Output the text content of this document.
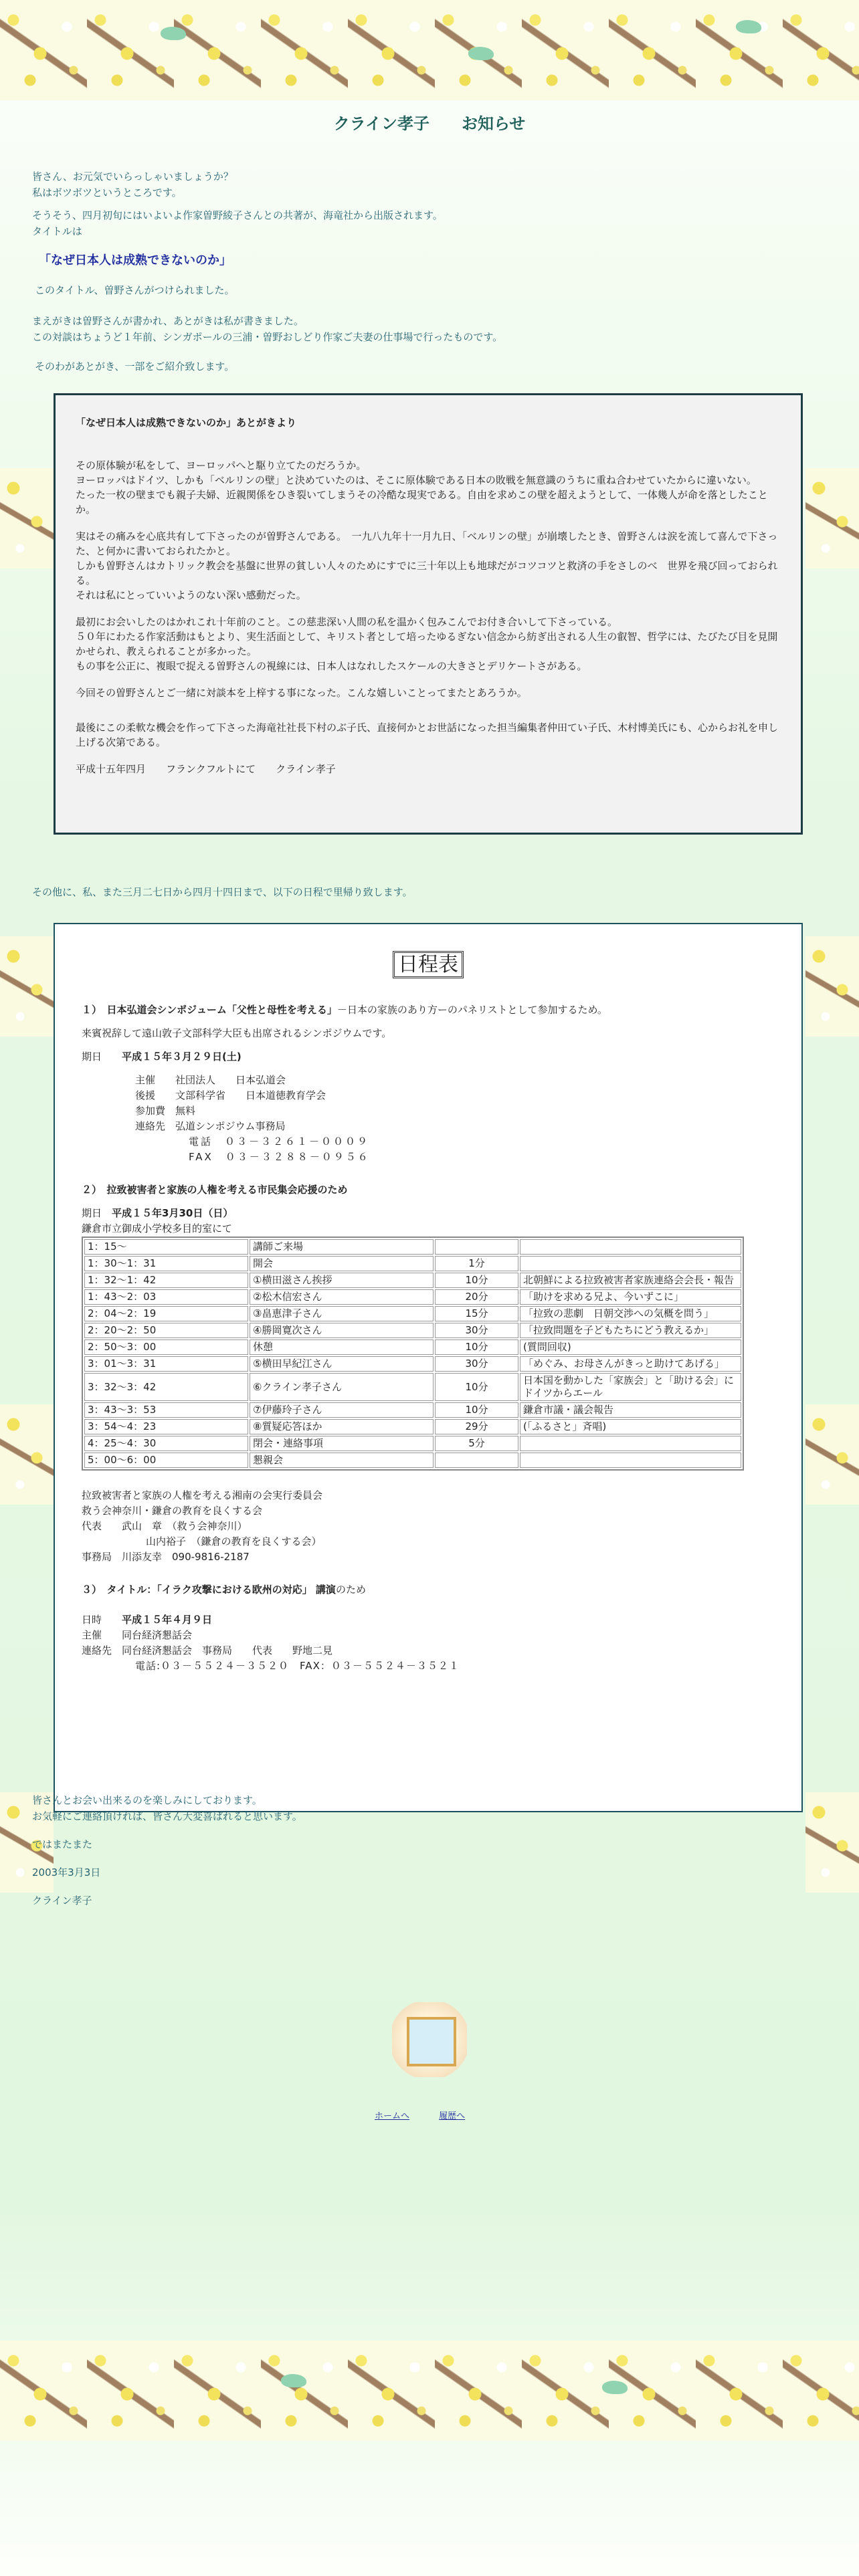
クライン孝子　　お知らせ

皆さん、お元気でいらっしゃいましょうか？
私はボツボツというところです。

そうそう、四月初旬にはいよいよ作家曽野綾子さんとの共著が、海竜社から出版されます。
タイトルは

「なぜ日本人は成熟できないのか」

このタイトル、曽野さんがつけられました。

まえがきは曽野さんが書かれ、あとがきは私が書きました。
この対談はちょうど１年前、シンガポールの三浦・曽野おしどり作家ご夫妻の仕事場で行ったものです。

そのわがあとがき、一部をご紹介致します。

「なぜ日本人は成熟できないのか」あとがきより

その原体験が私をして、ヨーロッパへと駆り立てたのだろうか。
ヨーロッパはドイツ、しかも「ベルリンの壁」と決めていたのは、そこに原体験である日本の敗戦を無意識のうちに重ね合わせていたからに違いない。
たった一枚の壁までも親子夫婦、近親関係をひき裂いてしまうその冷酷な現実である。自由を求めこの壁を超えようとして、一体幾人が命を落としたことか。

実はその痛みを心底共有して下さったのが曽野さんである。　一九八九年十一月九日、「ベルリンの壁」が崩壊したとき、曽野さんは涙を流して喜んで下さった、と何かに書いておられたかと。
しかも曽野さんはカトリック教会を基盤に世界の貧しい人々のためにすでに三十年以上も地球だがコツコツと救済の手をさしのべ　世界を飛び回っておられる。
それは私にとっていいようのない深い感動だった。

最初にお会いしたのはかれこれ十年前のこと。この慈悲深い人間の私を温かく包みこんでお付き合いして下さっている。
５０年にわたる作家活動はもとより、実生活面として、キリスト者として培ったゆるぎない信念から紡ぎ出される人生の叡智、哲学には、たびたび目を見開かせられ、教えられることが多かった。
もの事を公正に、複眼で捉える曽野さんの視線には、日本人はなれしたスケールの大きさとデリケートさがある。

今回その曽野さんとご一緒に対談本を上梓する事になった。こんな嬉しいことってまたとあろうか。

最後にこの柔軟な機会を作って下さった海竜社社長下村のぶ子氏、直接何かとお世話になった担当編集者仲田てい子氏、木村博美氏にも、心からお礼を申し上げる次第である。

平成十五年四月　　フランクフルトにて　　クライン孝子

その他に、私、また三月二七日から四月十四日まで、以下の日程で里帰り致します。
日程表
１）　日本弘道会シンポジューム「父性と母性を考える」－日本の家族のあり方ーのパネリストとして参加するため。
来賓祝辞して遠山敦子文部科学大臣も出席されるシンポジウムです。
期日　　 平成１５年３月２９日(土)
主催　　社団法人　　日本弘道会
後援　　文部科学省　　日本道徳教育学会
参加費　無料
連絡先　弘道シンポジウム事務局
電話　０３－３２６１－０００９
FAX　０３－３２８８－０９５６
２）　拉致被害者と家族の人権を考える市民集会応援のため
期日　 平成１５年3月30日（日）
鎌倉市立御成小学校多目的室にて
1：15～	講師ご来場		
1：30～1：31	開会	1分	
1：32～1：42	①横田滋さん挨拶	10分	北朝鮮による拉致被害者家族連絡会会長・報告
1：43～2：03	②松木信宏さん	20分	「助けを求める兄よ、今いずこに」
2：04～2：19	③畠恵津子さん	15分	「拉致の悲劇　日朝交渉への気概を問う」
2：20～2：50	④勝岡寛次さん	30分	「拉致問題を子どもたちにどう教えるか」
2：50～3：00	休憩	10分	(質問回収)
3：01～3：31	⑤横田早紀江さん	30分	「めぐみ、お母さんがきっと助けてあげる」
3：32～3：42	⑥クライン孝子さん	10分	日本国を動かした「家族会」と「助ける会」にドイツからエール
3：43～3：53	⑦伊藤玲子さん	10分	鎌倉市議・議会報告
3：54～4：23	⑧質疑応答ほか	29分	(「ふるさと」斉唱)
4：25～4：30	閉会・連絡事項	5分	
5：00～6：00	懇親会		
拉致被害者と家族の人権を考える湘南の会実行委員会
救う会神奈川・鎌倉の教育を良くする会
代表　　武山　章　（救う会神奈川）
山内裕子　（鎌倉の教育を良くする会）
事務局　川添友幸　090-9816-2187
３）　タイトル：「イラク攻撃における欧州の対応」 講演のため
日時　　 平成１５年４月９日
主催　　同台経済懇話会
連絡先　同台経済懇話会　事務局　　代表　　野地二見
電話:０３－５５２４－３５２０　FAX：０３－５５２４－３５２１

皆さんとお会い出来るのを楽しみにしております。
お気軽にご連絡頂ければ、皆さん大変喜ばれると思います。

ではまたまた

2003年3月3日

クライン孝子

ホームへ	履歴へ
